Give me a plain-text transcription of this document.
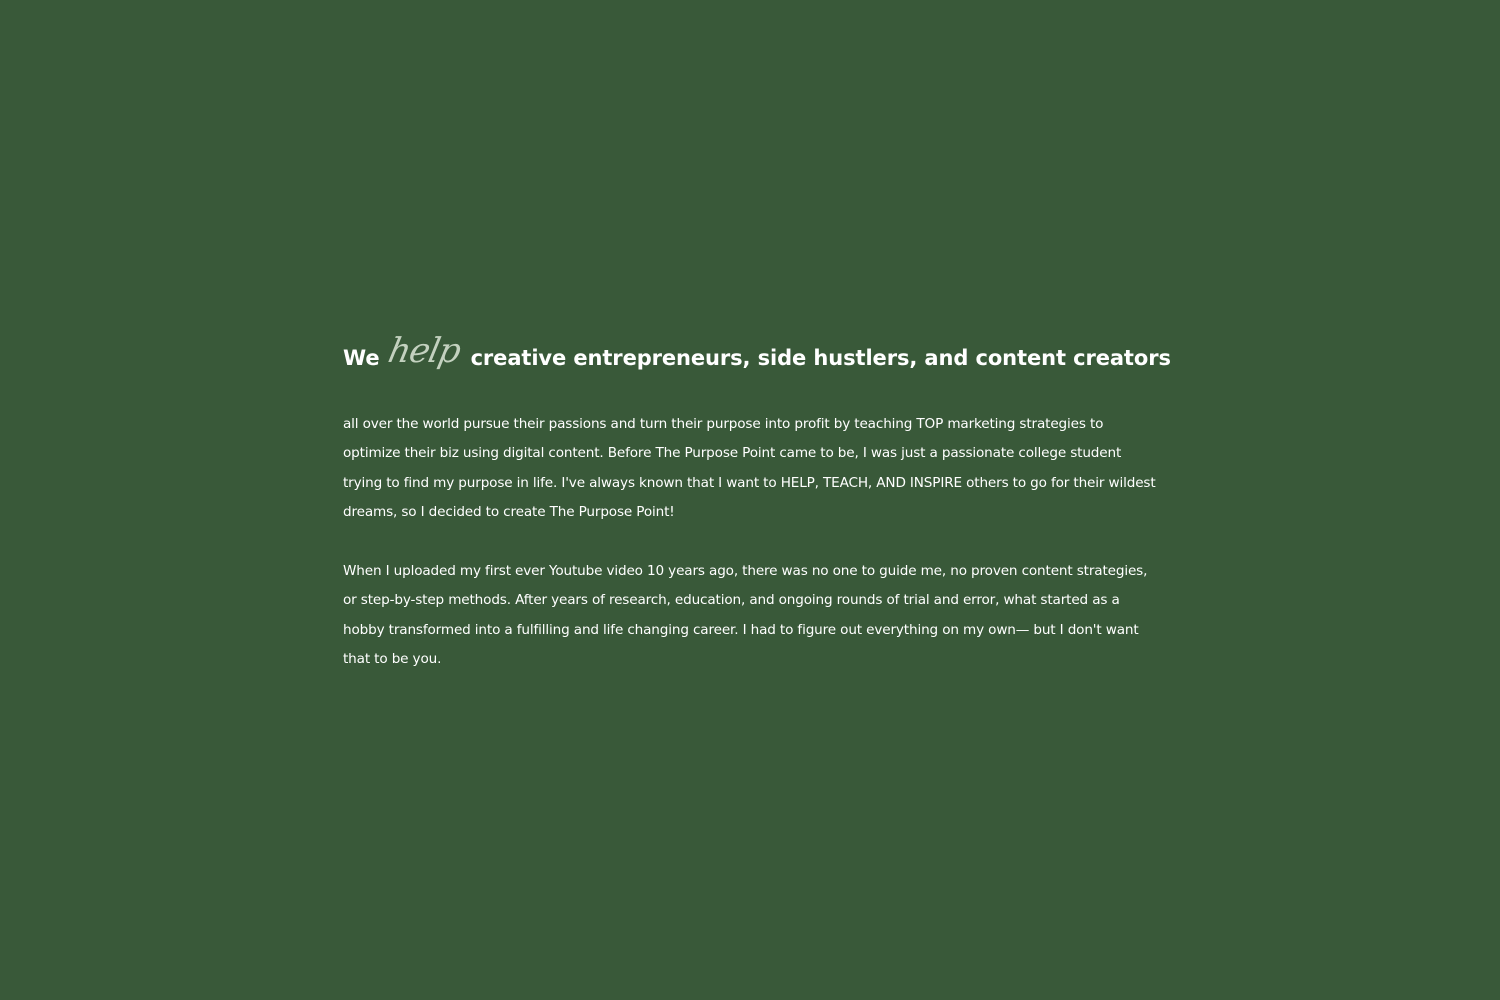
We help creative entrepreneurs, side hustlers, and content creators

all over the world pursue their passions and turn their purpose into profit by teaching TOP marketing strategies to optimize their biz using digital content. Before The Purpose Point came to be, I was just a passionate college student trying to find my purpose in life. I've always known that I want to HELP, TEACH, AND INSPIRE others to go for their wildest dreams, so I decided to create The Purpose Point!

When I uploaded my first ever Youtube video 10 years ago, there was no one to guide me, no proven content strategies, or step-by-step methods. After years of research, education, and ongoing rounds of trial and error, what started as a hobby transformed into a fulfilling and life changing career. I had to figure out everything on my own— but I don't want that to be you.
